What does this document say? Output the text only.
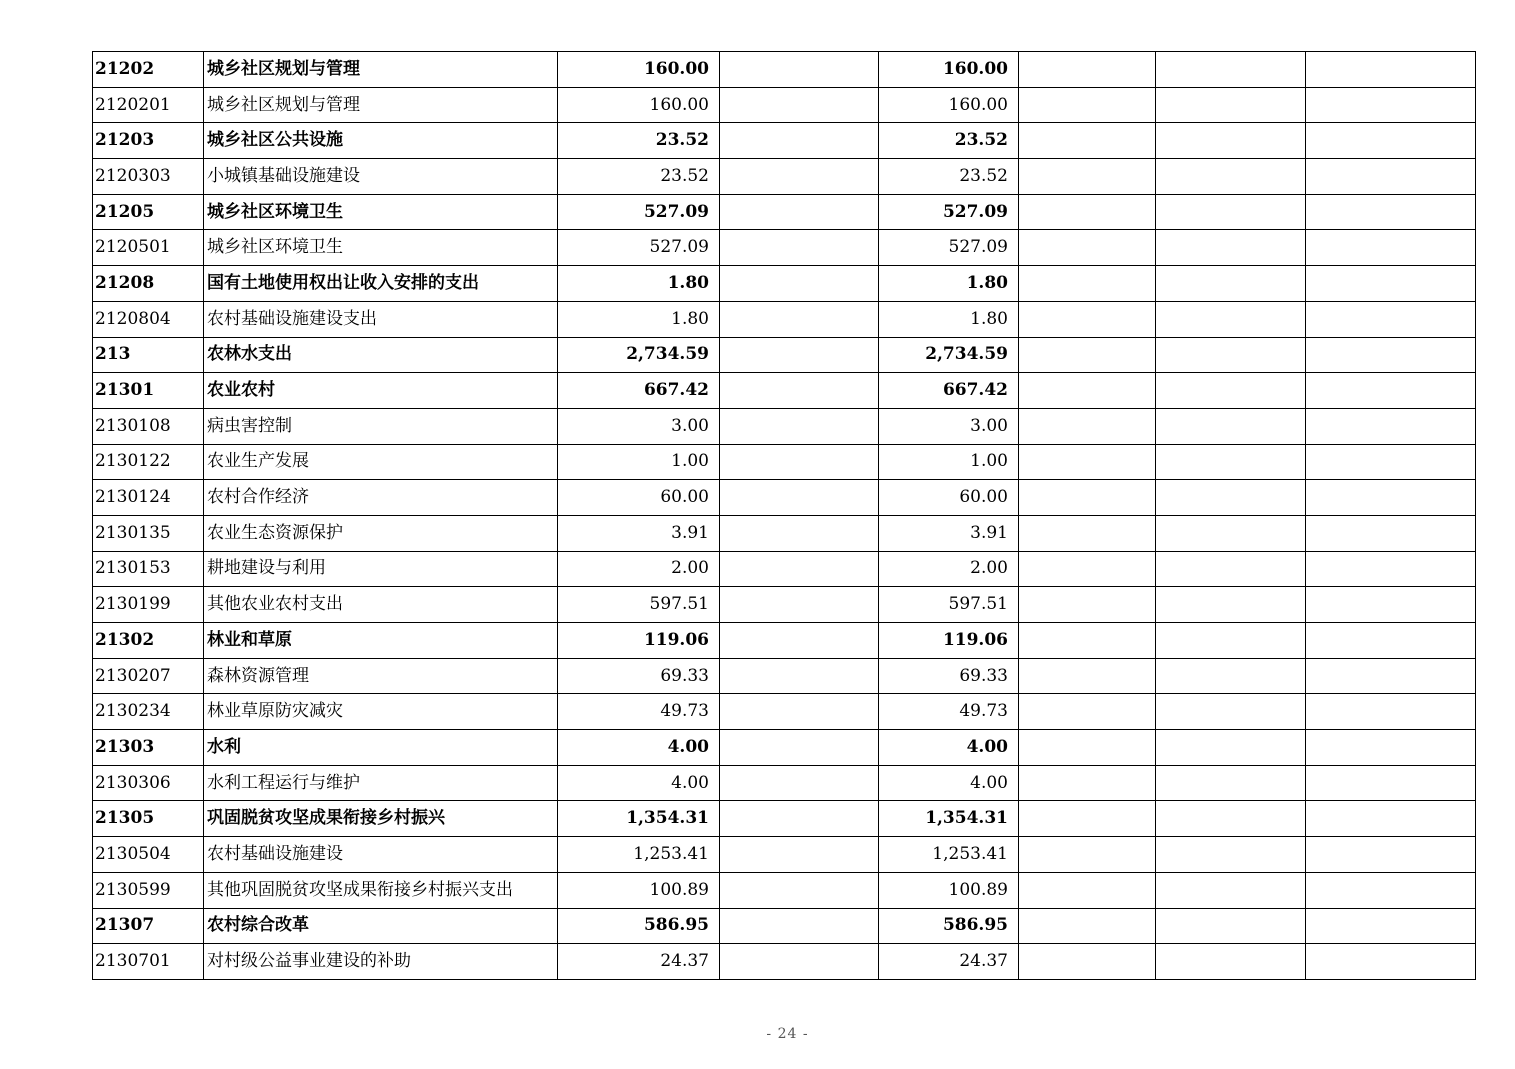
21202	城乡社区规划与管理	160.00		160.00			
2120201	城乡社区规划与管理	160.00		160.00			
21203	城乡社区公共设施	23.52		23.52			
2120303	小城镇基础设施建设	23.52		23.52			
21205	城乡社区环境卫生	527.09		527.09			
2120501	城乡社区环境卫生	527.09		527.09			
21208	国有土地使用权出让收入安排的支出	1.80		1.80			
2120804	农村基础设施建设支出	1.80		1.80			
213	农林水支出	2,734.59		2,734.59			
21301	农业农村	667.42		667.42			
2130108	病虫害控制	3.00		3.00			
2130122	农业生产发展	1.00		1.00			
2130124	农村合作经济	60.00		60.00			
2130135	农业生态资源保护	3.91		3.91			
2130153	耕地建设与利用	2.00		2.00			
2130199	其他农业农村支出	597.51		597.51			
21302	林业和草原	119.06		119.06			
2130207	森林资源管理	69.33		69.33			
2130234	林业草原防灾减灾	49.73		49.73			
21303	水利	4.00		4.00			
2130306	水利工程运行与维护	4.00		4.00			
21305	巩固脱贫攻坚成果衔接乡村振兴	1,354.31		1,354.31			
2130504	农村基础设施建设	1,253.41		1,253.41			
2130599	其他巩固脱贫攻坚成果衔接乡村振兴支出	100.89		100.89			
21307	农村综合改革	586.95		586.95			
2130701	对村级公益事业建设的补助	24.37		24.37			
- 24 -
